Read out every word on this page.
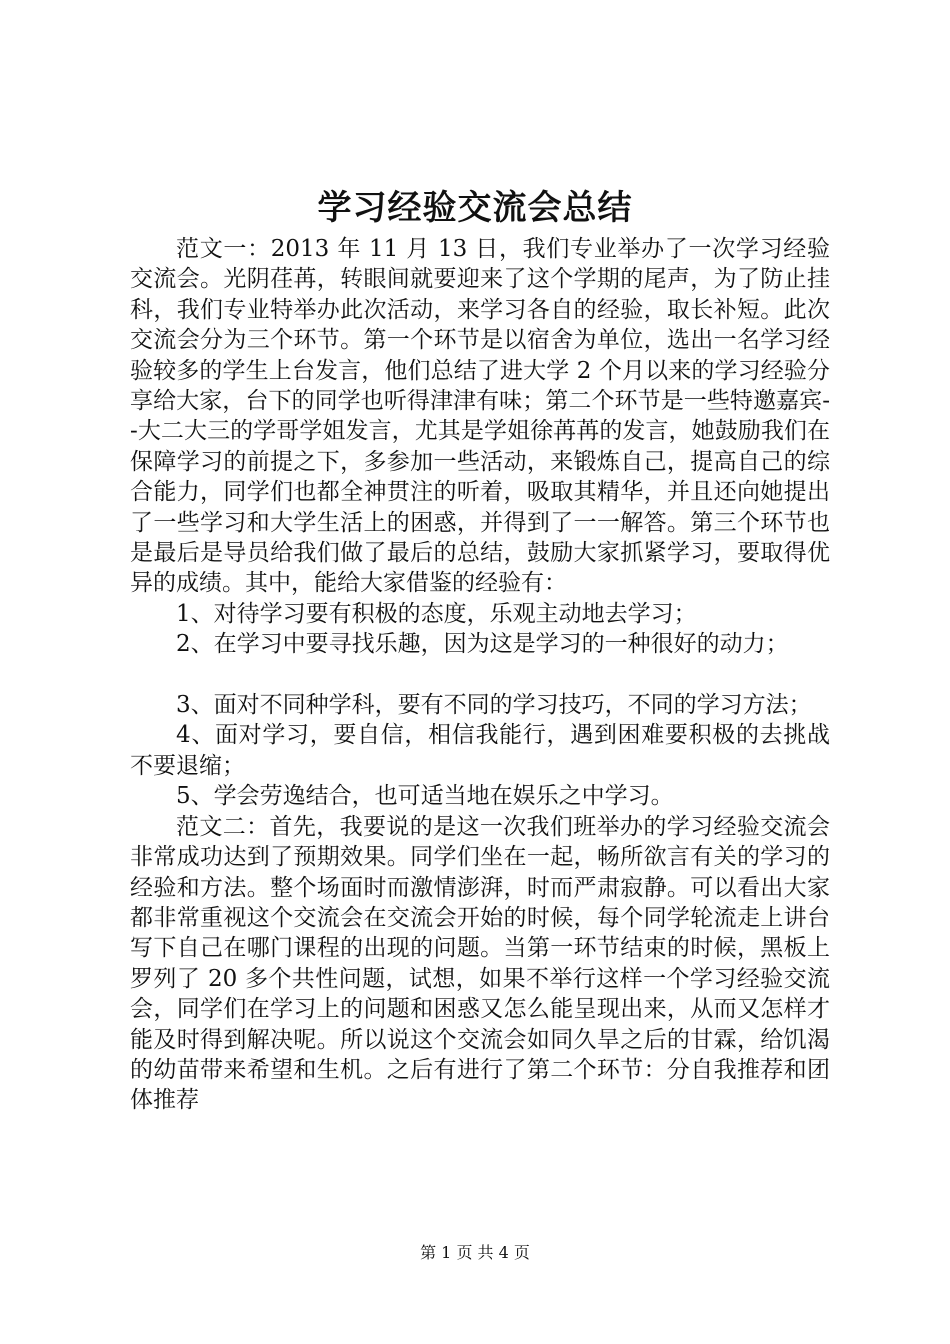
学习经验交流会总结

范文一：2013 年 11 月 13 日，我们专业举办了一次学习经验交流会。光阴荏苒，转眼间就要迎来了这个学期的尾声，为了防止挂科，我们专业特举办此次活动，来学习各自的经验，取长补短。此次交流会分为三个环节。第一个环节是以宿舍为单位，选出一名学习经验较多的学生上台发言，他们总结了进大学 2 个月以来的学习经验分享给大家，台下的同学也听得津津有味；第二个环节是一些特邀嘉宾--大二大三的学哥学姐发言，尤其是学姐徐苒苒的发言，她鼓励我们在保障学习的前提之下，多参加一些活动，来锻炼自己，提高自己的综合能力，同学们也都全神贯注的听着，吸取其精华，并且还向她提出了一些学习和大学生活上的困惑，并得到了一一解答。第三个环节也是最后是导员给我们做了最后的总结，鼓励大家抓紧学习，要取得优异的成绩。其中，能给大家借鉴的经验有：

1、对待学习要有积极的态度，乐观主动地去学习；

2、在学习中要寻找乐趣，因为这是学习的一种很好的动力；

3、面对不同种学科，要有不同的学习技巧，不同的学习方法；

4、面对学习，要自信，相信我能行，遇到困难要积极的去挑战不要退缩；

5、学会劳逸结合，也可适当地在娱乐之中学习。

范文二：首先，我要说的是这一次我们班举办的学习经验交流会非常成功达到了预期效果。同学们坐在一起，畅所欲言有关的学习的经验和方法。整个场面时而激情澎湃，时而严肃寂静。可以看出大家都非常重视这个交流会在交流会开始的时候，每个同学轮流走上讲台写下自己在哪门课程的出现的问题。当第一环节结束的时候，黑板上罗列了 20 多个共性问题，试想，如果不举行这样一个学习经验交流会，同学们在学习上的问题和困惑又怎么能呈现出来，从而又怎样才能及时得到解决呢。所以说这个交流会如同久旱之后的甘霖，给饥渴的幼苗带来希望和生机。之后有进行了第二个环节：分自我推荐和团体推荐

第 1 页 共 4 页
